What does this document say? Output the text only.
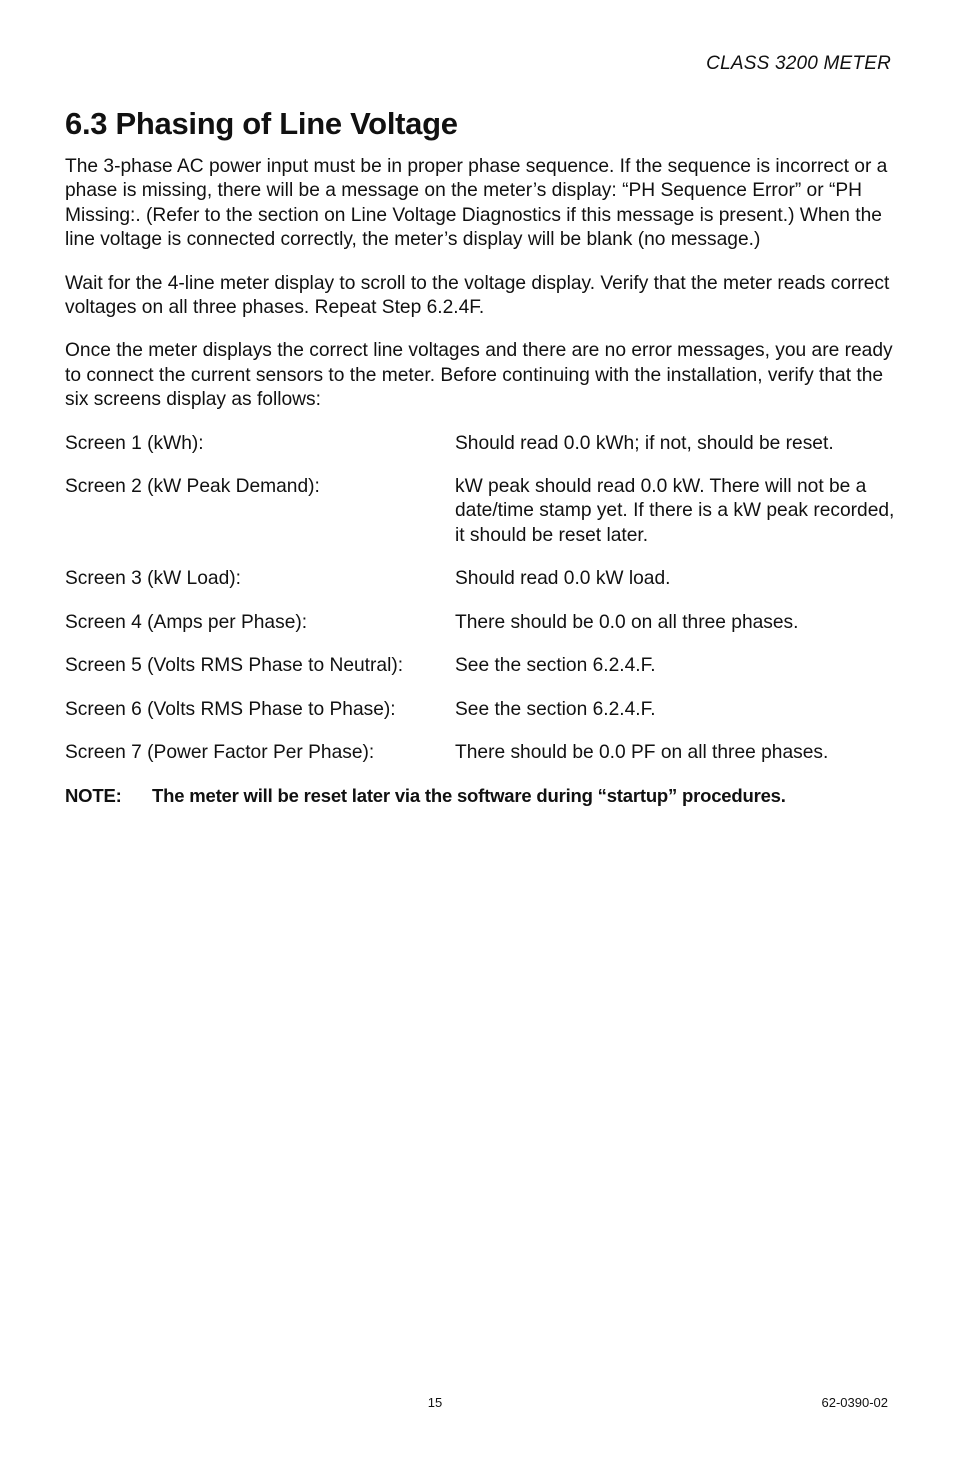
CLASS 3200 METER
6.3 Phasing of Line Voltage

The 3-phase AC power input must be in proper phase sequence. If the sequence is incorrect or a phase is missing, there will be a message on the meter’s display: “PH Sequence Error” or “PH Missing:. (Refer to the section on Line Voltage Diagnostics if this message is present.) When the line voltage is connected correctly, the meter’s display will be blank (no message.)

Wait for the 4-line meter display to scroll to the voltage display. Verify that the meter reads correct voltages on all three phases. Repeat Step 6.2.4F.

Once the meter displays the correct line voltages and there are no error messages, you are ready to connect the current sensors to the meter. Before continuing with the installation, verify that the six screens display as follows:

Screen 1 (kWh):	Should read 0.0 kWh; if not, should be reset.
Screen 2 (kW Peak Demand):	kW peak should read 0.0 kW. There will not be a date/time stamp yet. If there is a kW peak recorded, it should be reset later.
Screen 3 (kW Load):	Should read 0.0 kW load.
Screen 4 (Amps per Phase):	There should be 0.0 on all three phases.
Screen 5 (Volts RMS Phase to Neutral):	See the section 6.2.4.F.
Screen 6 (Volts RMS Phase to Phase):	See the section 6.2.4.F.
Screen 7 (Power Factor Per Phase):	There should be 0.0 PF on all three phases.
NOTE:	The meter will be reset later via the software during “startup” procedures.
15	62-0390-02
